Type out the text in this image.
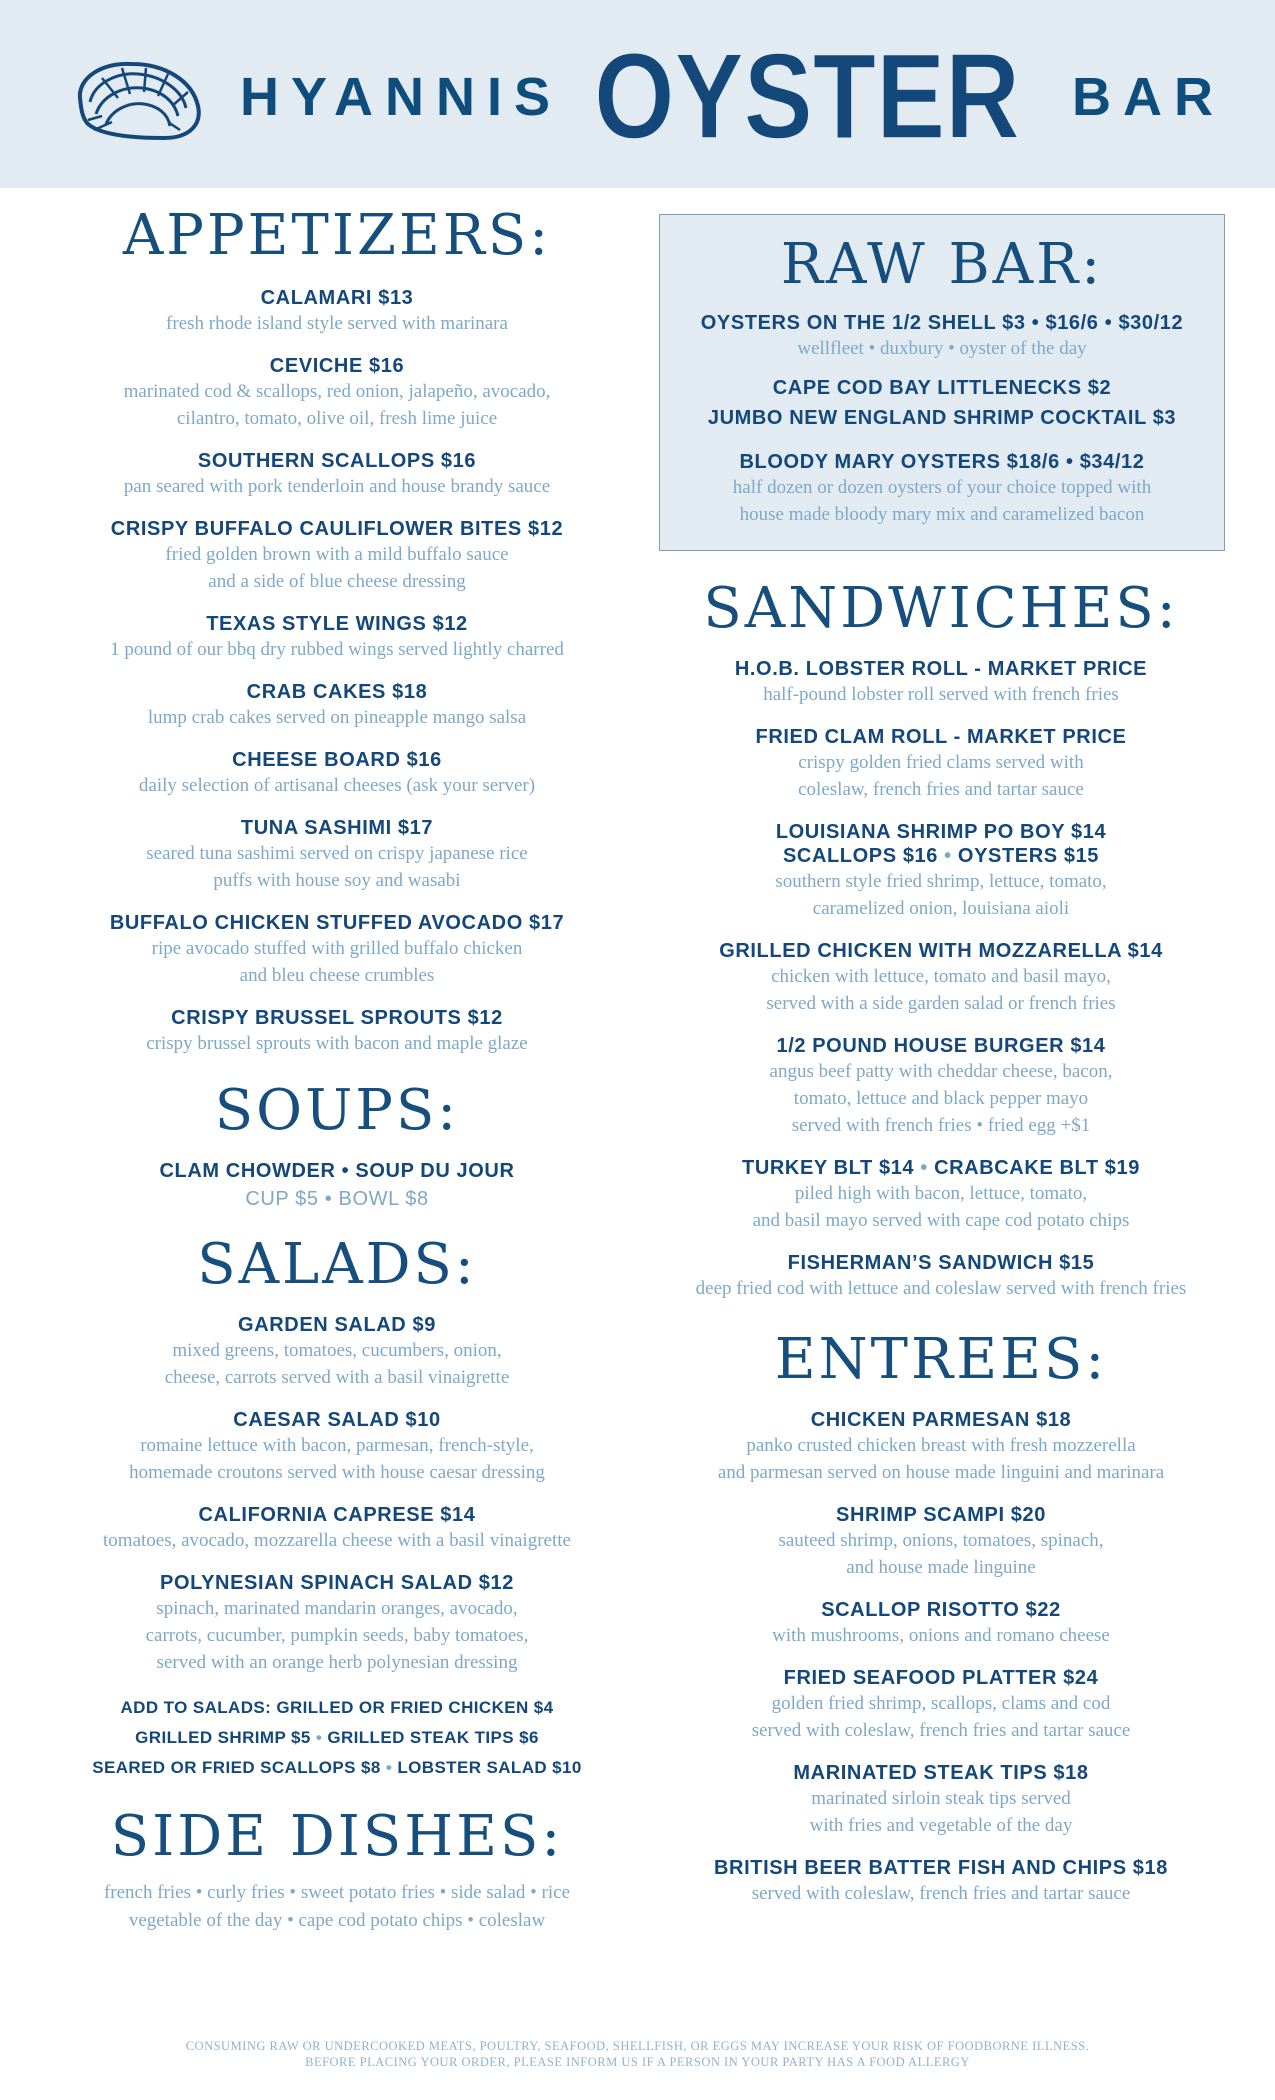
HYANNIS OYSTER BAR
APPETIZERS:
CALAMARI $13
fresh rhode island style served with marinara
CEVICHE $16
marinated cod & scallops, red onion, jalapeño, avocado,
cilantro, tomato, olive oil, fresh lime juice
SOUTHERN SCALLOPS $16
pan seared with pork tenderloin and house brandy sauce
CRISPY BUFFALO CAULIFLOWER BITES $12
fried golden brown with a mild buffalo sauce
and a side of blue cheese dressing
TEXAS STYLE WINGS $12
1 pound of our bbq dry rubbed wings served lightly charred
CRAB CAKES $18
lump crab cakes served on pineapple mango salsa
CHEESE BOARD $16
daily selection of artisanal cheeses (ask your server)
TUNA SASHIMI $17
seared tuna sashimi served on crispy japanese rice
puffs with house soy and wasabi
BUFFALO CHICKEN STUFFED AVOCADO $17
ripe avocado stuffed with grilled buffalo chicken
and bleu cheese crumbles
CRISPY BRUSSEL SPROUTS $12
crispy brussel sprouts with bacon and maple glaze
SOUPS:
CLAM CHOWDER • SOUP DU JOUR
CUP $5 • BOWL $8
SALADS:
GARDEN SALAD $9
mixed greens, tomatoes, cucumbers, onion,
cheese, carrots served with a basil vinaigrette
CAESAR SALAD $10
romaine lettuce with bacon, parmesan, french-style,
homemade croutons served with house caesar dressing
CALIFORNIA CAPRESE $14
tomatoes, avocado, mozzarella cheese with a basil vinaigrette
POLYNESIAN SPINACH SALAD $12
spinach, marinated mandarin oranges, avocado,
carrots, cucumber, pumpkin seeds, baby tomatoes,
served with an orange herb polynesian dressing
ADD TO SALADS: GRILLED OR FRIED CHICKEN $4
GRILLED SHRIMP $5 • GRILLED STEAK TIPS $6
SEARED OR FRIED SCALLOPS $8 • LOBSTER SALAD $10
SIDE DISHES:
french fries • curly fries • sweet potato fries • side salad • rice
vegetable of the day • cape cod potato chips • coleslaw
RAW BAR:
OYSTERS ON THE 1/2 SHELL $3 • $16/6 • $30/12
wellfleet • duxbury • oyster of the day
CAPE COD BAY LITTLENECKS $2
JUMBO NEW ENGLAND SHRIMP COCKTAIL $3
BLOODY MARY OYSTERS $18/6 • $34/12
half dozen or dozen oysters of your choice topped with
house made bloody mary mix and caramelized bacon
SANDWICHES:
H.O.B. LOBSTER ROLL - MARKET PRICE
half-pound lobster roll served with french fries
FRIED CLAM ROLL - MARKET PRICE
crispy golden fried clams served with
coleslaw, french fries and tartar sauce
LOUISIANA SHRIMP PO BOY $14
SCALLOPS $16 • OYSTERS $15
southern style fried shrimp, lettuce, tomato,
caramelized onion, louisiana aioli
GRILLED CHICKEN WITH MOZZARELLA $14
chicken with lettuce, tomato and basil mayo,
served with a side garden salad or french fries
1/2 POUND HOUSE BURGER $14
angus beef patty with cheddar cheese, bacon,
tomato, lettuce and black pepper mayo
served with french fries • fried egg +$1
TURKEY BLT $14 • CRABCAKE BLT $19
piled high with bacon, lettuce, tomato,
and basil mayo served with cape cod potato chips
FISHERMAN’S SANDWICH $15
deep fried cod with lettuce and coleslaw served with french fries
ENTREES:
CHICKEN PARMESAN $18
panko crusted chicken breast with fresh mozzerella
and parmesan served on house made linguini and marinara
SHRIMP SCAMPI $20
sauteed shrimp, onions, tomatoes, spinach,
and house made linguine
SCALLOP RISOTTO $22
with mushrooms, onions and romano cheese
FRIED SEAFOOD PLATTER $24
golden fried shrimp, scallops, clams and cod
served with coleslaw, french fries and tartar sauce
MARINATED STEAK TIPS $18
marinated sirloin steak tips served
with fries and vegetable of the day
BRITISH BEER BATTER FISH AND CHIPS $18
served with coleslaw, french fries and tartar sauce
CONSUMING RAW OR UNDERCOOKED MEATS, POULTRY, SEAFOOD, SHELLFISH, OR EGGS MAY INCREASE YOUR RISK OF FOODBORNE ILLNESS.
BEFORE PLACING YOUR ORDER, PLEASE INFORM US IF A PERSON IN YOUR PARTY HAS A FOOD ALLERGY
